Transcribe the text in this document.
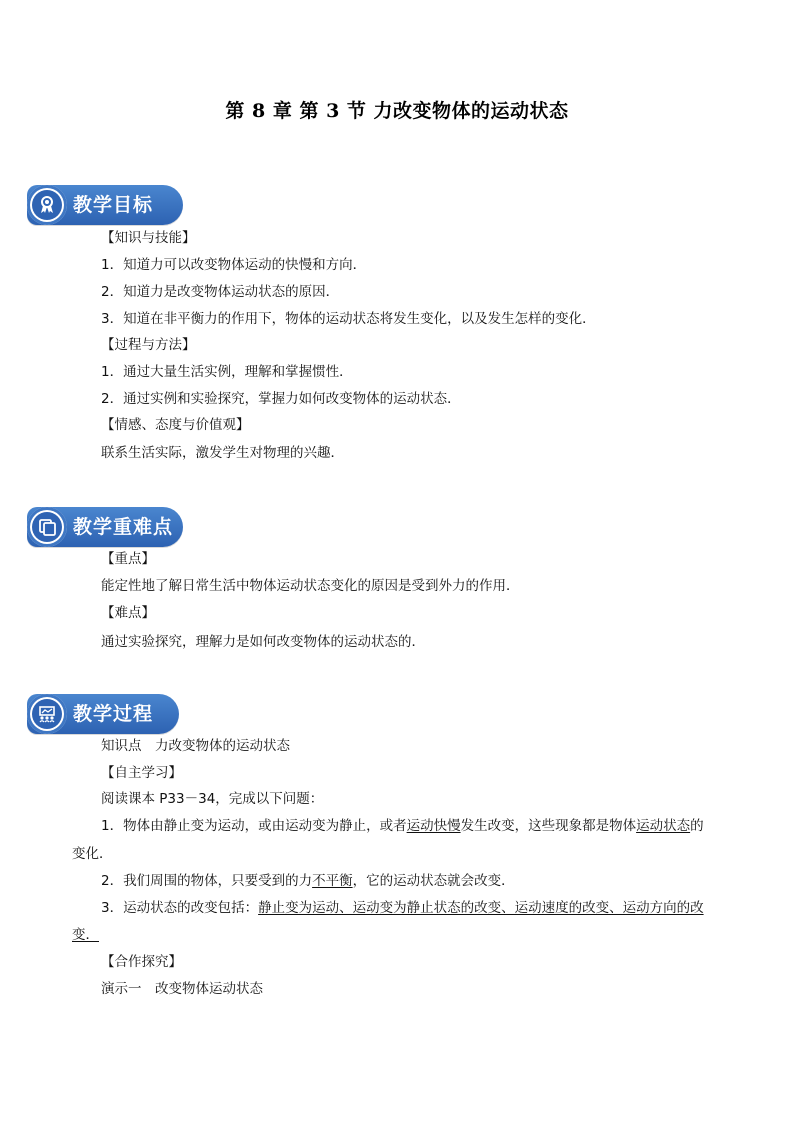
第 8 章 第 3 节 力改变物体的运动状态
教学目标
【知识与技能】
1．知道力可以改变物体运动的快慢和方向．
2．知道力是改变物体运动状态的原因．
3．知道在非平衡力的作用下，物体的运动状态将发生变化，以及发生怎样的变化．
【过程与方法】
1．通过大量生活实例，理解和掌握惯性．
2．通过实例和实验探究，掌握力如何改变物体的运动状态．
【情感、态度与价值观】
联系生活实际，激发学生对物理的兴趣．
教学重难点
【重点】
能定性地了解日常生活中物体运动状态变化的原因是受到外力的作用．
【难点】
通过实验探究，理解力是如何改变物体的运动状态的．
教学过程
知识点　力改变物体的运动状态
【自主学习】
阅读课本 P33－34，完成以下问题：
1．物体由静止变为运动，或由运动变为静止，或者运动快慢发生改变，这些现象都是物体运动状态的
变化．
2．我们周围的物体，只要受到的力不平衡，它的运动状态就会改变．
3．运动状态的改变包括：静止变为运动、运动变为静止状态的改变、运动速度的改变、运动方向的改
变．
【合作探究】
演示一　改变物体运动状态
